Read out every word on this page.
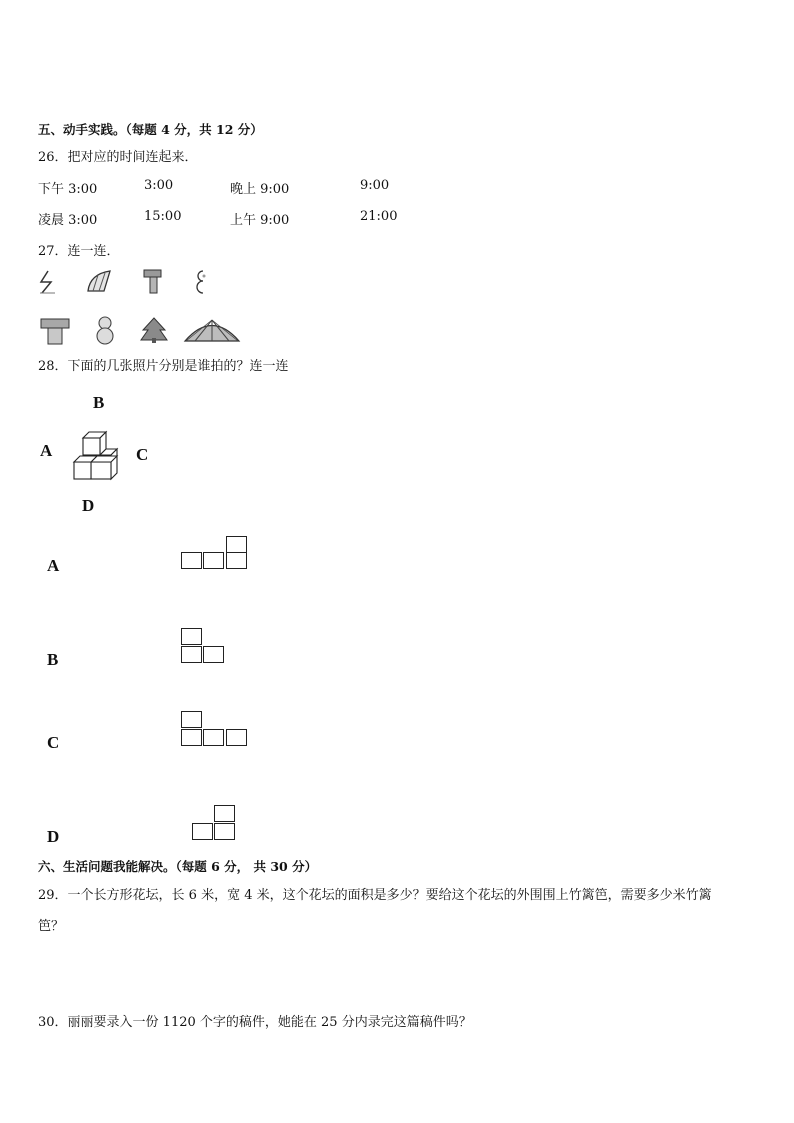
五、动手实践。（每题 4 分，共 12 分）
26．把对应的时间连起来．
下午 3:00	3:00	晚上 9:00	9:00
凌晨 3:00	15:00	上午 9:00	21:00
27．连一连．
28．下面的几张照片分别是谁拍的？连一连
B
A	C
D
A
B
C
D
六、生活问题我能解决。（每题 6 分， 共 30 分）
29．一个长方形花坛，长 6 米，宽 4 米，这个花坛的面积是多少？要给这个花坛的外围围上竹篱笆，需要多少米竹篱
笆？
30．丽丽要录入一份 1120 个字的稿件，她能在 25 分内录完这篇稿件吗？
